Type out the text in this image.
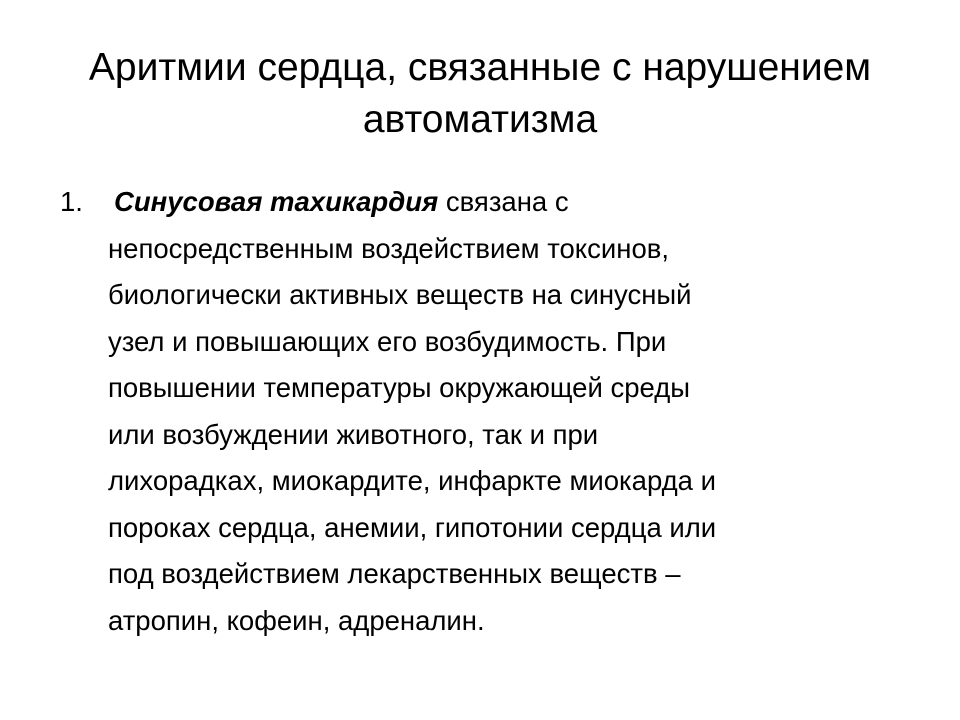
Аритмии сердца, связанные с нарушением
автоматизма
1. Синусовая тахикардия связана с
непосредственным воздействием токсинов,
биологически активных веществ на синусный
узел и повышающих его возбудимость. При
повышении температуры окружающей среды
или возбуждении животного, так и при
лихорадках, миокардите, инфаркте миокарда и
пороках сердца, анемии, гипотонии сердца или
под воздействием лекарственных веществ –
атропин, кофеин, адреналин.
